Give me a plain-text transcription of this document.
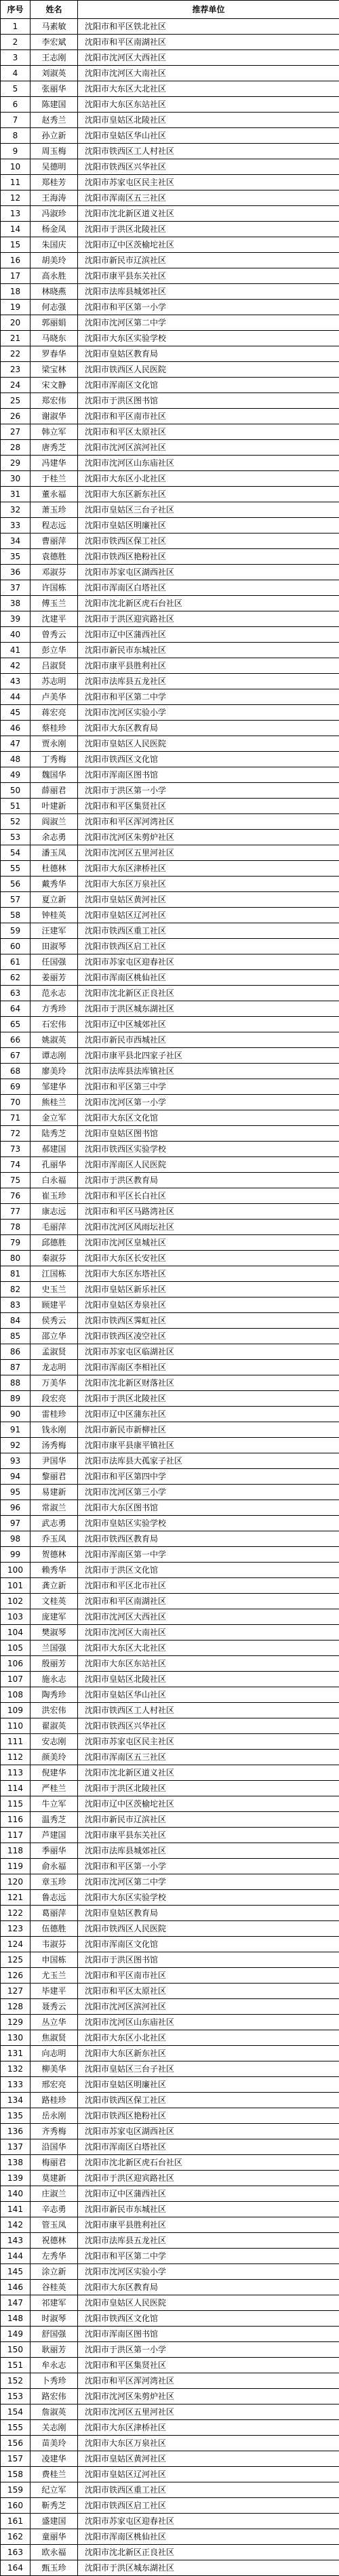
序号	姓名	推荐单位
1	马素敏	沈阳市和平区铁北社区
2	李宏斌	沈阳市和平区南湖社区
3	王志刚	沈阳市沈河区大西社区
4	刘淑英	沈阳市沈河区大南社区
5	张丽华	沈阳市大东区大北社区
6	陈建国	沈阳市大东区东站社区
7	赵秀兰	沈阳市皇姑区北陵社区
8	孙立新	沈阳市皇姑区华山社区
9	周玉梅	沈阳市铁西区工人村社区
10	吴德明	沈阳市铁西区兴华社区
11	郑桂芳	沈阳市苏家屯区民主社区
12	王海涛	沈阳市浑南区五三社区
13	冯淑珍	沈阳市沈北新区道义社区
14	杨金凤	沈阳市于洪区北陵社区
15	朱国庆	沈阳市辽中区茨榆坨社区
16	胡美玲	沈阳市新民市辽滨社区
17	高永胜	沈阳市康平县东关社区
18	林晓燕	沈阳市法库县城郊社区
19	何志强	沈阳市和平区第一小学
20	郭丽娟	沈阳市沈河区第二中学
21	马晓东	沈阳市大东区实验学校
22	罗春华	沈阳市皇姑区教育局
23	梁宝林	沈阳市铁西区人民医院
24	宋文静	沈阳市浑南区文化馆
25	郑宏伟	沈阳市于洪区图书馆
26	谢淑华	沈阳市和平区南市社区
27	韩立军	沈阳市和平区太原社区
28	唐秀芝	沈阳市沈河区滨河社区
29	冯建华	沈阳市沈河区山东庙社区
30	于桂兰	沈阳市大东区小北社区
31	董永福	沈阳市大东区新东社区
32	萧玉珍	沈阳市皇姑区三台子社区
33	程志远	沈阳市皇姑区明廉社区
34	曹丽萍	沈阳市铁西区保工社区
35	袁德胜	沈阳市铁西区艳粉社区
36	邓淑芬	沈阳市苏家屯区湖西社区
37	许国栋	沈阳市浑南区白塔社区
38	傅玉兰	沈阳市沈北新区虎石台社区
39	沈建平	沈阳市于洪区迎宾路社区
40	曾秀云	沈阳市辽中区蒲西社区
41	彭立华	沈阳市新民市东城社区
42	吕淑贤	沈阳市康平县胜利社区
43	苏志明	沈阳市法库县五龙社区
44	卢美华	沈阳市和平区第二中学
45	蒋宏亮	沈阳市沈河区实验小学
46	蔡桂珍	沈阳市大东区教育局
47	贾永刚	沈阳市皇姑区人民医院
48	丁秀梅	沈阳市铁西区文化馆
49	魏国华	沈阳市浑南区图书馆
50	薛丽君	沈阳市于洪区第一小学
51	叶建新	沈阳市和平区集贤社区
52	阎淑兰	沈阳市和平区浑河湾社区
53	余志勇	沈阳市沈河区朱剪炉社区
54	潘玉凤	沈阳市沈河区五里河社区
55	杜德林	沈阳市大东区津桥社区
56	戴秀华	沈阳市大东区万泉社区
57	夏立新	沈阳市皇姑区黄河社区
58	钟桂英	沈阳市皇姑区辽河社区
59	汪建军	沈阳市铁西区重工社区
60	田淑琴	沈阳市铁西区启工社区
61	任国强	沈阳市苏家屯区迎春社区
62	姜丽芳	沈阳市浑南区桃仙社区
63	范永志	沈阳市沈北新区正良社区
64	方秀珍	沈阳市于洪区城东湖社区
65	石宏伟	沈阳市辽中区城郊社区
66	姚淑英	沈阳市新民市西城社区
67	谭志刚	沈阳市康平县北四家子社区
68	廖美玲	沈阳市法库县法库镇社区
69	邹建华	沈阳市和平区第三中学
70	熊桂兰	沈阳市沈河区第一小学
71	金立军	沈阳市大东区文化馆
72	陆秀芝	沈阳市皇姑区图书馆
73	郝建国	沈阳市铁西区实验学校
74	孔丽华	沈阳市浑南区人民医院
75	白永福	沈阳市于洪区教育局
76	崔玉珍	沈阳市和平区长白社区
77	康志远	沈阳市和平区马路湾社区
78	毛丽萍	沈阳市沈河区风雨坛社区
79	邱德胜	沈阳市沈河区皇城社区
80	秦淑芬	沈阳市大东区长安社区
81	江国栋	沈阳市大东区东塔社区
82	史玉兰	沈阳市皇姑区新乐社区
83	顾建平	沈阳市皇姑区寿泉社区
84	侯秀云	沈阳市铁西区霁虹社区
85	邵立华	沈阳市铁西区凌空社区
86	孟淑贤	沈阳市苏家屯区临湖社区
87	龙志明	沈阳市浑南区李相社区
88	万美华	沈阳市沈北新区财落社区
89	段宏亮	沈阳市于洪区北陵社区
90	雷桂珍	沈阳市辽中区蒲东社区
91	钱永刚	沈阳市新民市新柳社区
92	汤秀梅	沈阳市康平县康平镇社区
93	尹国华	沈阳市法库县大孤家子社区
94	黎丽君	沈阳市和平区第四中学
95	易建新	沈阳市沈河区第三小学
96	常淑兰	沈阳市大东区图书馆
97	武志勇	沈阳市皇姑区实验学校
98	乔玉凤	沈阳市铁西区教育局
99	贺德林	沈阳市浑南区第一中学
100	赖秀华	沈阳市于洪区文化馆
101	龚立新	沈阳市和平区北市社区
102	文桂英	沈阳市和平区南湖社区
103	庞建军	沈阳市沈河区大西社区
104	樊淑琴	沈阳市沈河区大南社区
105	兰国强	沈阳市大东区大北社区
106	殷丽芳	沈阳市大东区东站社区
107	施永志	沈阳市皇姑区北陵社区
108	陶秀珍	沈阳市皇姑区华山社区
109	洪宏伟	沈阳市铁西区工人村社区
110	翟淑英	沈阳市铁西区兴华社区
111	安志刚	沈阳市苏家屯区民主社区
112	颜美玲	沈阳市浑南区五三社区
113	倪建华	沈阳市沈北新区道义社区
114	严桂兰	沈阳市于洪区北陵社区
115	牛立军	沈阳市辽中区茨榆坨社区
116	温秀芝	沈阳市新民市辽滨社区
117	芦建国	沈阳市康平县东关社区
118	季丽华	沈阳市法库县城郊社区
119	俞永福	沈阳市和平区第一小学
120	章玉珍	沈阳市沈河区第二中学
121	鲁志远	沈阳市大东区实验学校
122	葛丽萍	沈阳市皇姑区教育局
123	伍德胜	沈阳市铁西区人民医院
124	韦淑芬	沈阳市浑南区文化馆
125	申国栋	沈阳市于洪区图书馆
126	尤玉兰	沈阳市和平区南市社区
127	毕建平	沈阳市和平区太原社区
128	聂秀云	沈阳市沈河区滨河社区
129	丛立华	沈阳市沈河区山东庙社区
130	焦淑贤	沈阳市大东区小北社区
131	向志明	沈阳市大东区新东社区
132	柳美华	沈阳市皇姑区三台子社区
133	邢宏亮	沈阳市皇姑区明廉社区
134	路桂珍	沈阳市铁西区保工社区
135	岳永刚	沈阳市铁西区艳粉社区
136	齐秀梅	沈阳市苏家屯区湖西社区
137	沿国华	沈阳市浑南区白塔社区
138	梅丽君	沈阳市沈北新区虎石台社区
139	莫建新	沈阳市于洪区迎宾路社区
140	庄淑兰	沈阳市辽中区蒲西社区
141	辛志勇	沈阳市新民市东城社区
142	管玉凤	沈阳市康平县胜利社区
143	祝德林	沈阳市法库县五龙社区
144	左秀华	沈阳市和平区第二中学
145	涂立新	沈阳市沈河区实验小学
146	谷桂英	沈阳市大东区教育局
147	祁建军	沈阳市皇姑区人民医院
148	时淑琴	沈阳市铁西区文化馆
149	舒国强	沈阳市浑南区图书馆
150	耿丽芳	沈阳市于洪区第一小学
151	牟永志	沈阳市和平区集贤社区
152	卜秀珍	沈阳市和平区浑河湾社区
153	路宏伟	沈阳市沈河区朱剪炉社区
154	詹淑英	沈阳市沈河区五里河社区
155	关志刚	沈阳市大东区津桥社区
156	苗美玲	沈阳市大东区万泉社区
157	凌建华	沈阳市皇姑区黄河社区
158	费桂兰	沈阳市皇姑区辽河社区
159	纪立军	沈阳市铁西区重工社区
160	靳秀芝	沈阳市铁西区启工社区
161	盛建国	沈阳市苏家屯区迎春社区
162	童丽华	沈阳市浑南区桃仙社区
163	欧永福	沈阳市沈北新区正良社区
164	甄玉珍	沈阳市于洪区城东湖社区
